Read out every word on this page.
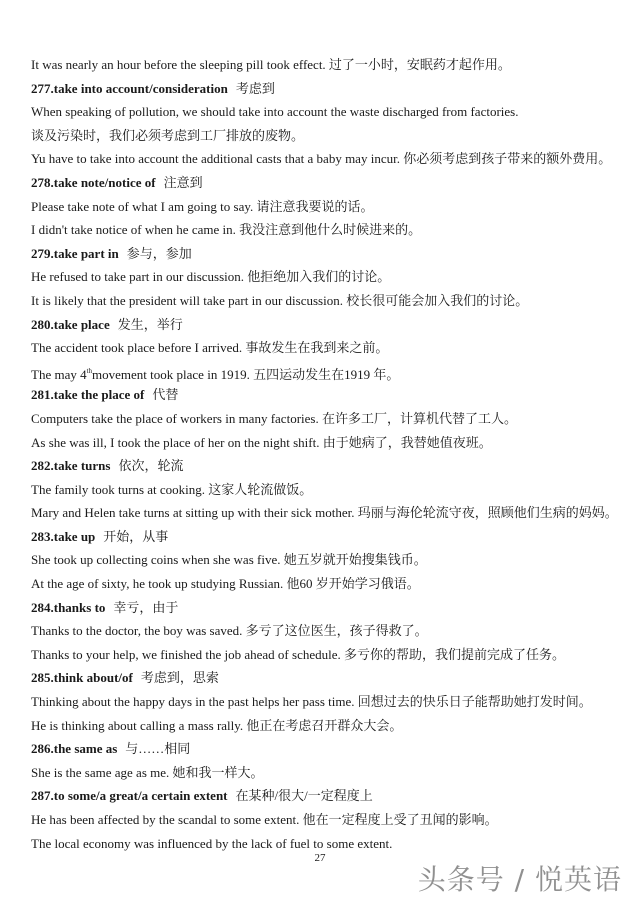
It was nearly an hour before the sleeping pill took effect. 过了一小时，安眠药才起作用。
277.take into account/consideration 考虑到
When speaking of pollution, we should take into account the waste discharged from factories.
谈及污染时，我们必须考虑到工厂排放的废物。
Yu have to take into account the additional casts that a baby may incur. 你必须考虑到孩子带来的额外费用。
278.take note/notice of 注意到
Please take note of what I am going to say. 请注意我要说的话。
I didn't take notice of when he came in. 我没注意到他什么时候进来的。
279.take part in 参与，参加
He refused to take part in our discussion. 他拒绝加入我们的讨论。
It is likely that the president will take part in our discussion. 校长很可能会加入我们的讨论。
280.take place 发生，举行
The accident took place before I arrived. 事故发生在我到来之前。
The may 4thmovement took place in 1919. 五四运动发生在1919 年。
281.take the place of 代替
Computers take the place of workers in many factories. 在许多工厂，计算机代替了工人。
As she was ill, I took the place of her on the night shift. 由于她病了，我替她值夜班。
282.take turns 依次，轮流
The family took turns at cooking. 这家人轮流做饭。
Mary and Helen take turns at sitting up with their sick mother. 玛丽与海伦轮流守夜，照顾他们生病的妈妈。
283.take up 开始，从事
She took up collecting coins when she was five. 她五岁就开始搜集钱币。
At the age of sixty, he took up studying Russian. 他60 岁开始学习俄语。
284.thanks to 幸亏，由于
Thanks to the doctor, the boy was saved. 多亏了这位医生，孩子得救了。
Thanks to your help, we finished the job ahead of schedule. 多亏你的帮助，我们提前完成了任务。
285.think about/of 考虑到，思索
Thinking about the happy days in the past helps her pass time. 回想过去的快乐日子能帮助她打发时间。
He is thinking about calling a mass rally. 他正在考虑召开群众大会。
286.the same as 与……相同
She is the same age as me. 她和我一样大。
287.to some/a great/a certain extent 在某种/很大/一定程度上
He has been affected by the scandal to some extent. 他在一定程度上受了丑闻的影响。
The local economy was influenced by the lack of fuel to some extent.
27
头条号 / 悦英语
